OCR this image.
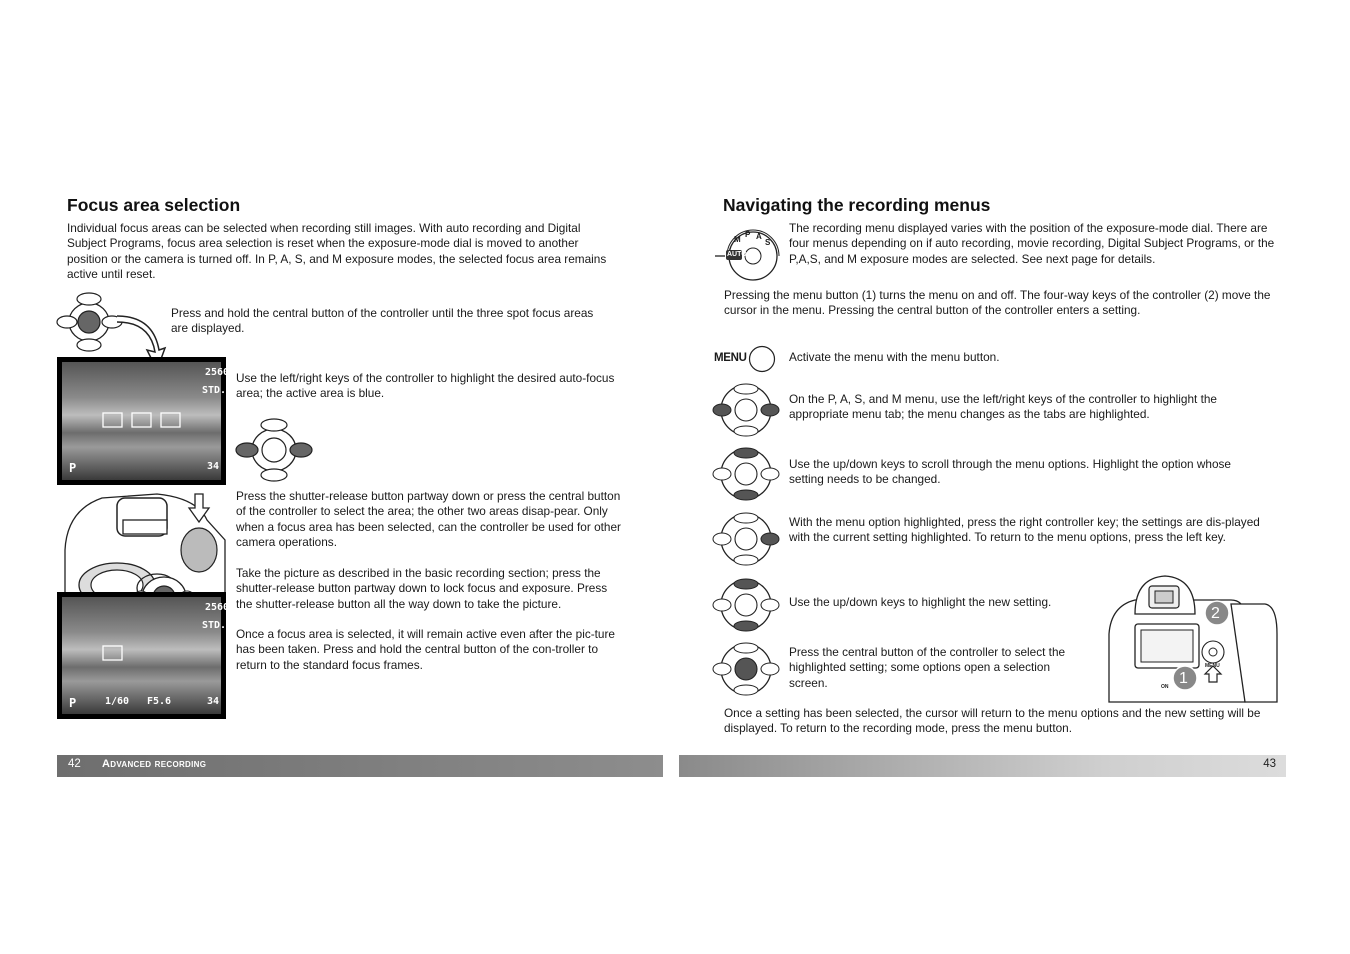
Focus area selection
Individual focus areas can be selected when recording still images. With auto recording and Digital Subject Programs, focus area selection is reset when the exposure-mode dial is moved to another position or the camera is turned off. In P, A, S, and M exposure modes, the selected focus area remains active until reset.
Press and hold the central button of the controller until the three spot focus areas are displayed.
2560
STD.
P	34
Use the left/right keys of the controller to highlight the desired auto-focus area; the active area is blue.
2560
STD.
P	1/60 F5.6	34
Press the shutter-release button partway down or press the central button of the controller to select the area; the other two areas disap-pear. Only when a focus area has been selected, can the controller be used for other camera operations.
Take the picture as described in the basic recording section; press the shutter-release button partway down to lock focus and exposure. Press the shutter-release button all the way down to take the picture.
Once a focus area is selected, it will remain active even after the pic-ture has been taken. Press and hold the central button of the con-troller to return to the standard focus frames.
Navigating the recording menus
AUTO
M
P A
S
The recording menu displayed varies with the position of the exposure-mode dial. There are four menus depending on if auto recording, movie recording, Digital Subject Programs, or the P,A,S, and M exposure modes are selected. See next page for details.
Pressing the menu button (1) turns the menu on and off. The four-way keys of the controller (2) move the cursor in the menu. Pressing the central button of the controller enters a setting.
MENU	Activate the menu with the menu button.
On the P, A, S, and M menu, use the left/right keys of the controller to highlight the appropriate menu tab; the menu changes as the tabs are highlighted.
Use the up/down keys to scroll through the menu options. Highlight the option whose setting needs to be changed.
With the menu option highlighted, press the right controller key; the settings are dis-played with the current setting highlighted. To return to the menu options, press the left key.
Use the up/down keys to highlight the new setting.
Press the central button of the controller to select the highlighted setting; some options open a selection screen.
2
1
MENU
ON
Once a setting has been selected, the cursor will return to the menu options and the new setting will be displayed. To return to the recording mode, press the menu button.
42 Advanced recording	43
